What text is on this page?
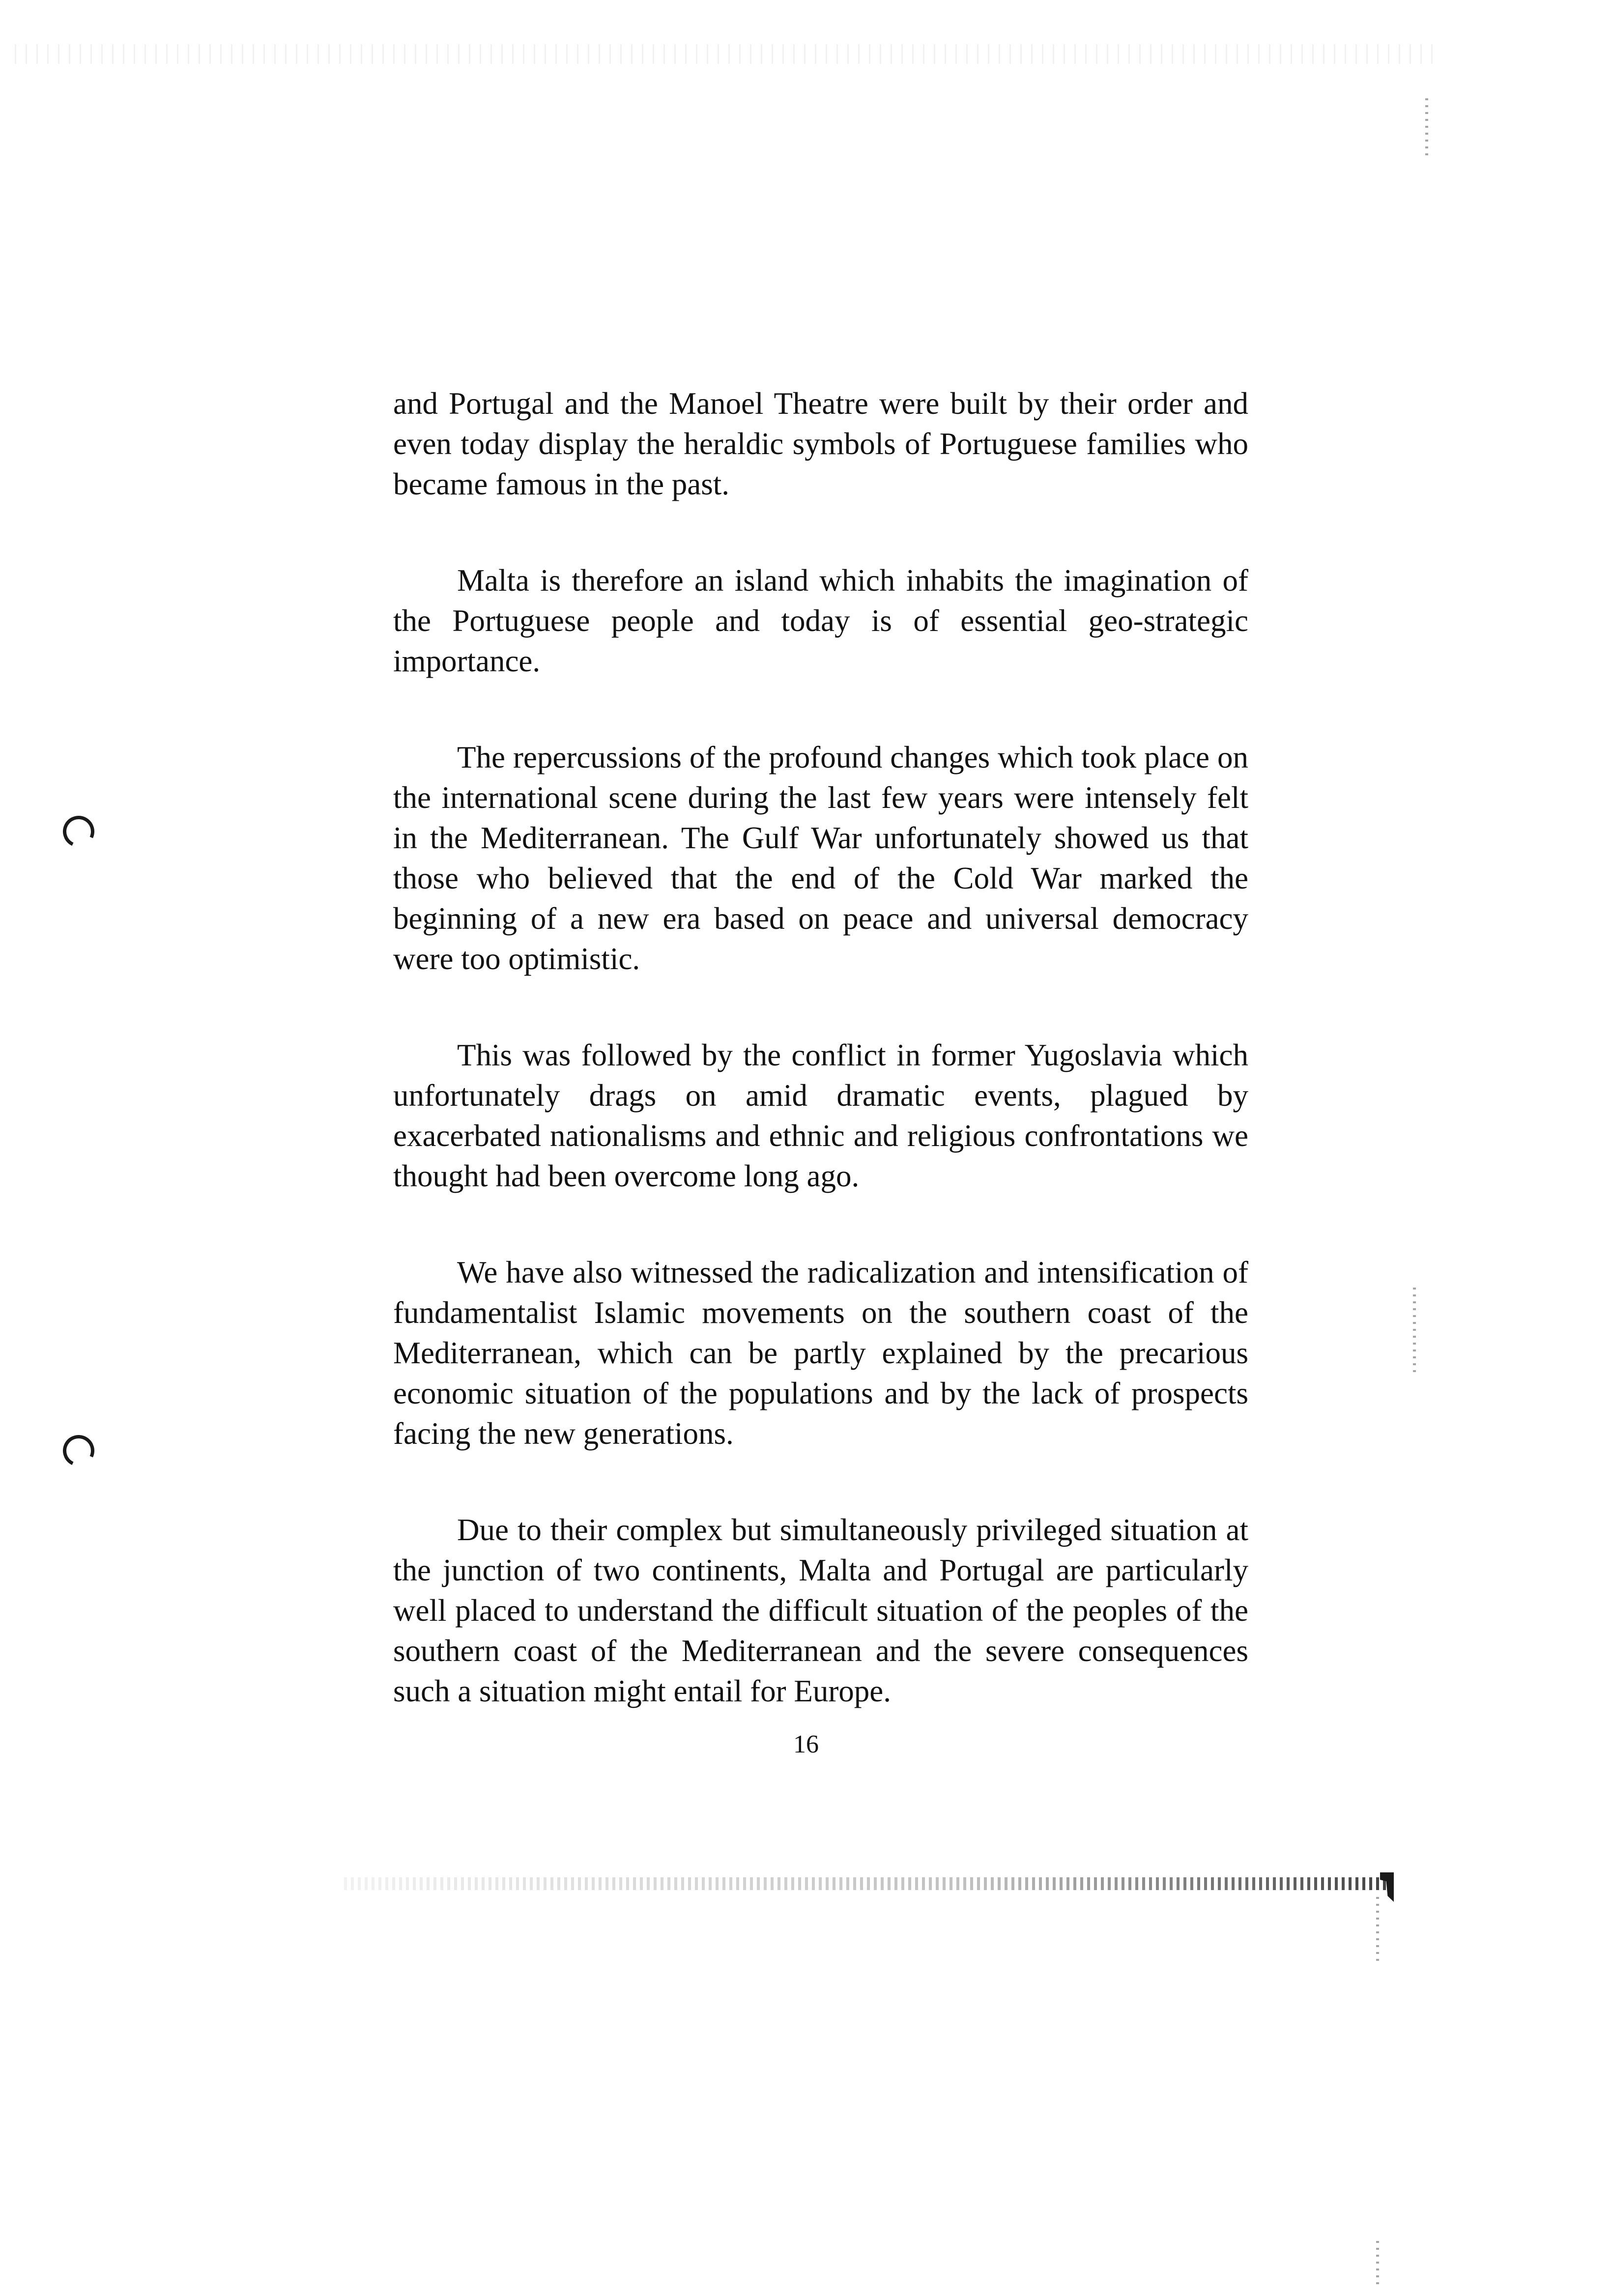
and Portugal and the Manoel Theatre were built by their order and even today display the heraldic symbols of Portuguese families who became famous in the past.

Malta is therefore an island which inhabits the imagination of the Portuguese people and today is of essential geo-strategic importance.

The repercussions of the profound changes which took place on the international scene during the last few years were intensely felt in the Mediterranean. The Gulf War unfortunately showed us that those who believed that the end of the Cold War marked the beginning of a new era based on peace and universal democracy were too optimistic.

This was followed by the conflict in former Yugoslavia which unfortunately drags on amid dramatic events, plagued by exacerbated nationalisms and ethnic and religious confrontations we thought had been overcome long ago.

We have also witnessed the radicalization and intensification of fundamentalist Islamic movements on the southern coast of the Mediterranean, which can be partly explained by the precarious economic situation of the populations and by the lack of prospects facing the new generations.

Due to their complex but simultaneously privileged situation at the junction of two continents, Malta and Portugal are particularly well placed to understand the difficult situation of the peoples of the southern coast of the Mediterranean and the severe consequences such a situation might entail for Europe.

16
